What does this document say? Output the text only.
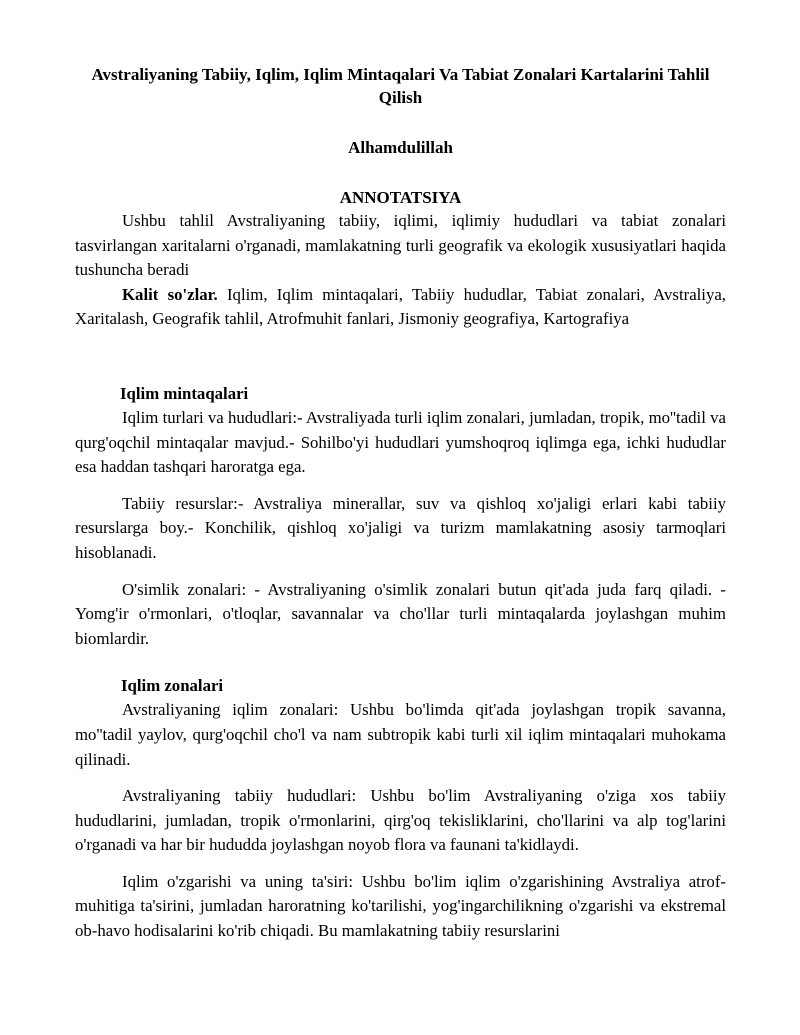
Avstraliyaning Tabiiy, Iqlim, Iqlim Mintaqalari Va Tabiat Zonalari Kartalarini Tahlil Qilish
Alhamdulillah
ANNOTATSIYA

Ushbu tahlil Avstraliyaning tabiiy, iqlimi, iqlimiy hududlari va tabiat zonalari tasvirlangan xaritalarni o'rganadi, mamlakatning turli geografik va ekologik xususiyatlari haqida tushuncha beradi

Kalit so'zlar. Iqlim, Iqlim mintaqalari, Tabiiy hududlar, Tabiat zonalari, Avstraliya, Xaritalash, Geografik tahlil, Atrofmuhit fanlari, Jismoniy geografiya, Kartografiya

Iqlim mintaqalari

Iqlim turlari va hududlari:- Avstraliyada turli iqlim zonalari, jumladan, tropik, mo''tadil va qurg'oqchil mintaqalar mavjud.- Sohilbo'yi hududlari yumshoqroq iqlimga ega, ichki hududlar esa haddan tashqari haroratga ega.

Tabiiy resurslar:- Avstraliya minerallar, suv va qishloq xo'jaligi erlari kabi tabiiy resurslarga boy.- Konchilik, qishloq xo'jaligi va turizm mamlakatning asosiy tarmoqlari hisoblanadi.

O'simlik zonalari: - Avstraliyaning o'simlik zonalari butun qit'ada juda farq qiladi. - Yomg'ir o'rmonlari, o'tloqlar, savannalar va cho'llar turli mintaqalarda joylashgan muhim biomlardir.

Iqlim zonalari

Avstraliyaning iqlim zonalari: Ushbu bo'limda qit'ada joylashgan tropik savanna, mo''tadil yaylov, qurg'oqchil cho'l va nam subtropik kabi turli xil iqlim mintaqalari muhokama qilinadi.

Avstraliyaning tabiiy hududlari: Ushbu bo'lim Avstraliyaning o'ziga xos tabiiy hududlarini, jumladan, tropik o'rmonlarini, qirg'oq tekisliklarini, cho'llarini va alp tog'larini o'rganadi va har bir hududda joylashgan noyob flora va faunani ta'kidlaydi.

Iqlim o'zgarishi va uning ta'siri: Ushbu bo'lim iqlim o'zgarishining Avstraliya atrof-muhitiga ta'sirini, jumladan haroratning ko'tarilishi, yog'ingarchilikning o'zgarishi va ekstremal ob-havo hodisalarini ko'rib chiqadi. Bu mamlakatning tabiiy resurslarini
